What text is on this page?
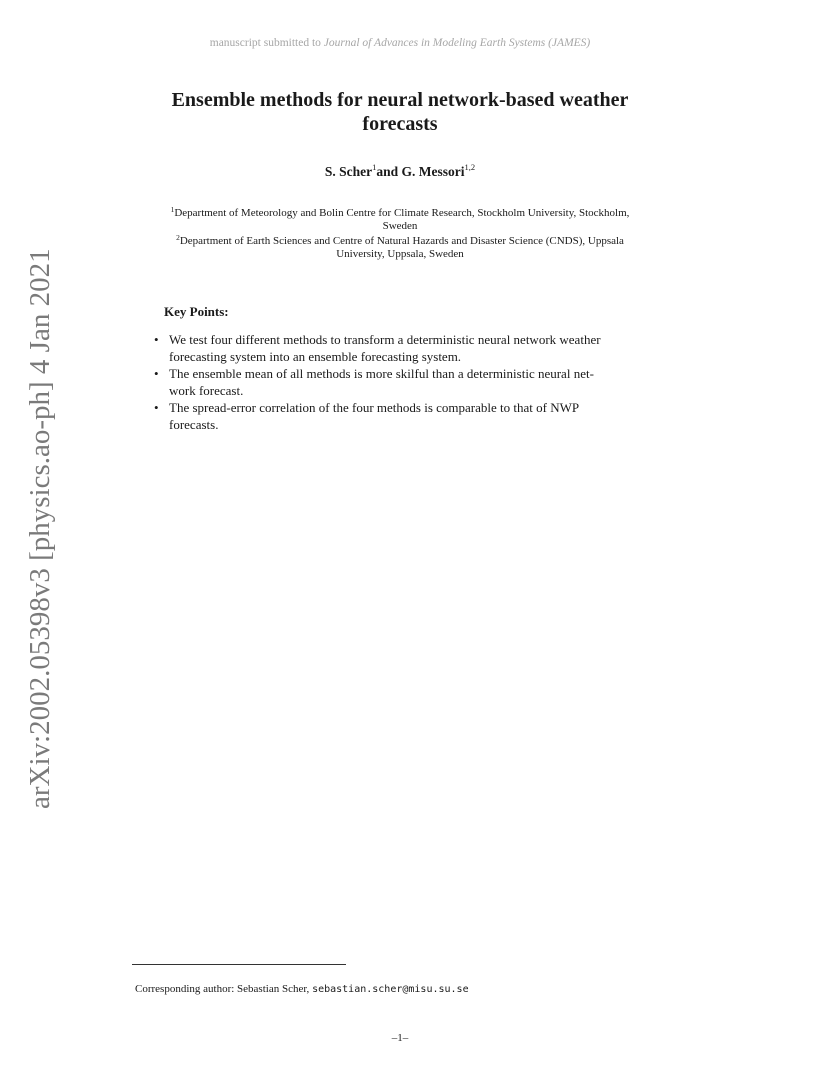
manuscript submitted to Journal of Advances in Modeling Earth Systems (JAMES)
Ensemble methods for neural network-based weather
forecasts
S. Scher$^1$and G. Messori$^{1,2}$
$^1$Department of Meteorology and Bolin Centre for Climate Research, Stockholm University, Stockholm,
Sweden
$^2$Department of Earth Sciences and Centre of Natural Hazards and Disaster Science (CNDS), Uppsala
University, Uppsala, Sweden
Key Points:
• We test four different methods to transform a deterministic neural network weather
forecasting system into an ensemble forecasting system.
• The ensemble mean of all methods is more skilful than a deterministic neural net-
work forecast.
• The spread-error correlation of the four methods is comparable to that of NWP
forecasts.
arXiv:2002.05398v3 [physics.ao-ph] 4 Jan 2021
Corresponding author: Sebastian Scher, sebastian.scher@misu.su.se
–1–
